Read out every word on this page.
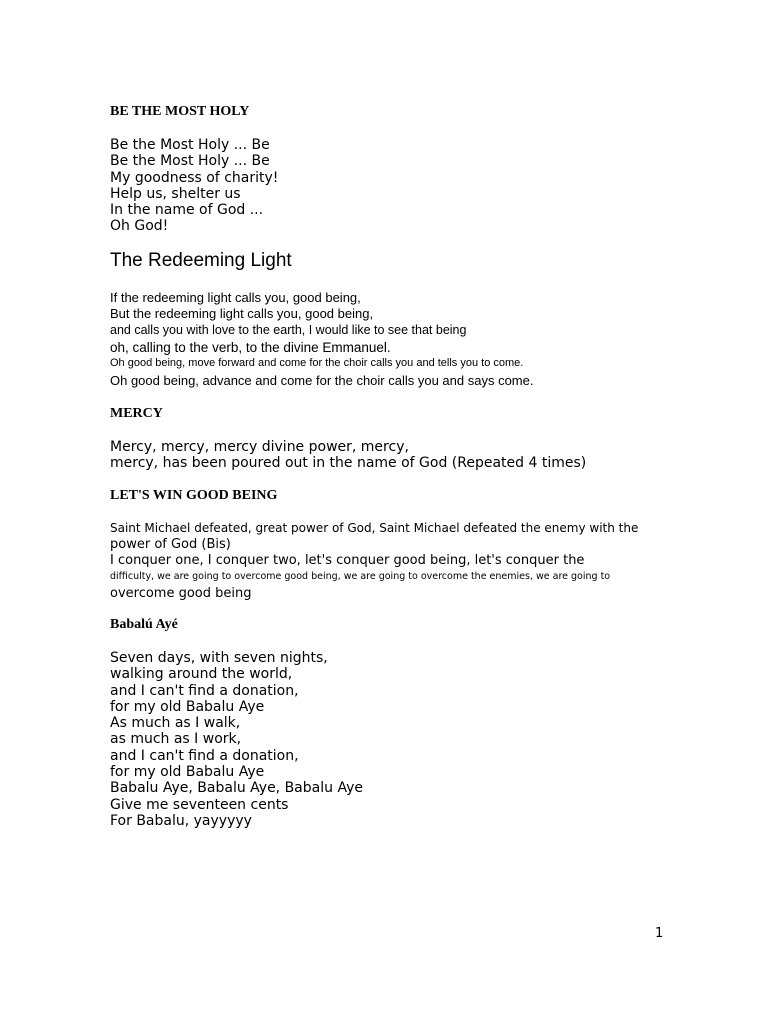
BE THE MOST HOLY
Be the Most Holy ... Be
Be the Most Holy ... Be
My goodness of charity!
Help us, shelter us
In the name of God ...
Oh God!
The Redeeming Light
If the redeeming light calls you, good being,
But the redeeming light calls you, good being,
and calls you with love to the earth, I would like to see that being
oh, calling to the verb, to the divine Emmanuel.
Oh good being, move forward and come for the choir calls you and tells you to come.
Oh good being, advance and come for the choir calls you and says come.
MERCY
Mercy, mercy, mercy divine power, mercy,
mercy, has been poured out in the name of God (Repeated 4 times)
LET'S WIN GOOD BEING
Saint Michael defeated, great power of God, Saint Michael defeated the enemy with the
power of God (Bis)
I conquer one, I conquer two, let's conquer good being, let's conquer the
difficulty, we are going to overcome good being, we are going to overcome the enemies, we are going to
overcome good being
Babalú Ayé
Seven days, with seven nights,
walking around the world,
and I can't find a donation,
for my old Babalu Aye
As much as I walk,
as much as I work,
and I can't find a donation,
for my old Babalu Aye
Babalu Aye, Babalu Aye, Babalu Aye
Give me seventeen cents
For Babalu, yayyyyy
1
